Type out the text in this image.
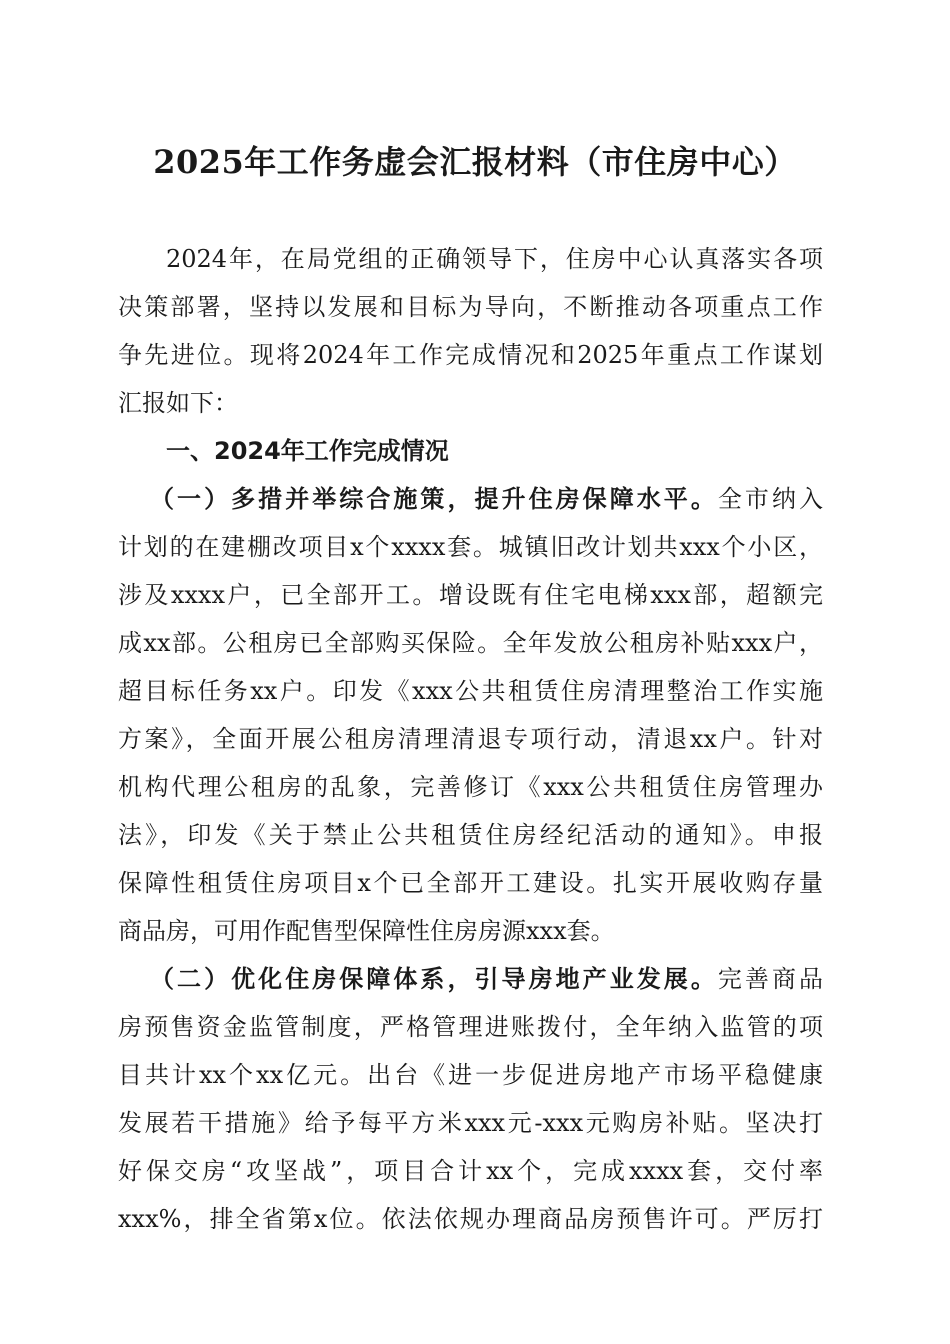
2025年工作务虚会汇报材料（市住房中心）

2024年，在局党组的正确领导下，住房中心认真落实各项

决策部署，坚持以发展和目标为导向，不断推动各项重点工作

争先进位。现将2024年工作完成情况和2025年重点工作谋划

汇报如下：

一、2024年工作完成情况

（一）多措并举综合施策，提升住房保障水平。全市纳入

计划的在建棚改项目x个xxxx套。城镇旧改计划共xxx个小区，

涉及xxxx户，已全部开工。增设既有住宅电梯xxx部，超额完

成xx部。公租房已全部购买保险。全年发放公租房补贴xxx户，

超目标任务xx户。印发《xxx公共租赁住房清理整治工作实施

方案》，全面开展公租房清理清退专项行动，清退xx户。针对

机构代理公租房的乱象，完善修订《xxx公共租赁住房管理办

法》，印发《关于禁止公共租赁住房经纪活动的通知》。申报

保障性租赁住房项目x个已全部开工建设。扎实开展收购存量

商品房，可用作配售型保障性住房房源xxx套。

（二）优化住房保障体系，引导房地产业发展。完善商品

房预售资金监管制度，严格管理进账拨付，全年纳入监管的项

目共计xx个xx亿元。出台《进一步促进房地产市场平稳健康

发展若干措施》给予每平方米xxx元-xxx元购房补贴。坚决打

好保交房“攻坚战”，项目合计xx个，完成xxxx套，交付率

xxx%，排全省第x位。依法依规办理商品房预售许可。严厉打
